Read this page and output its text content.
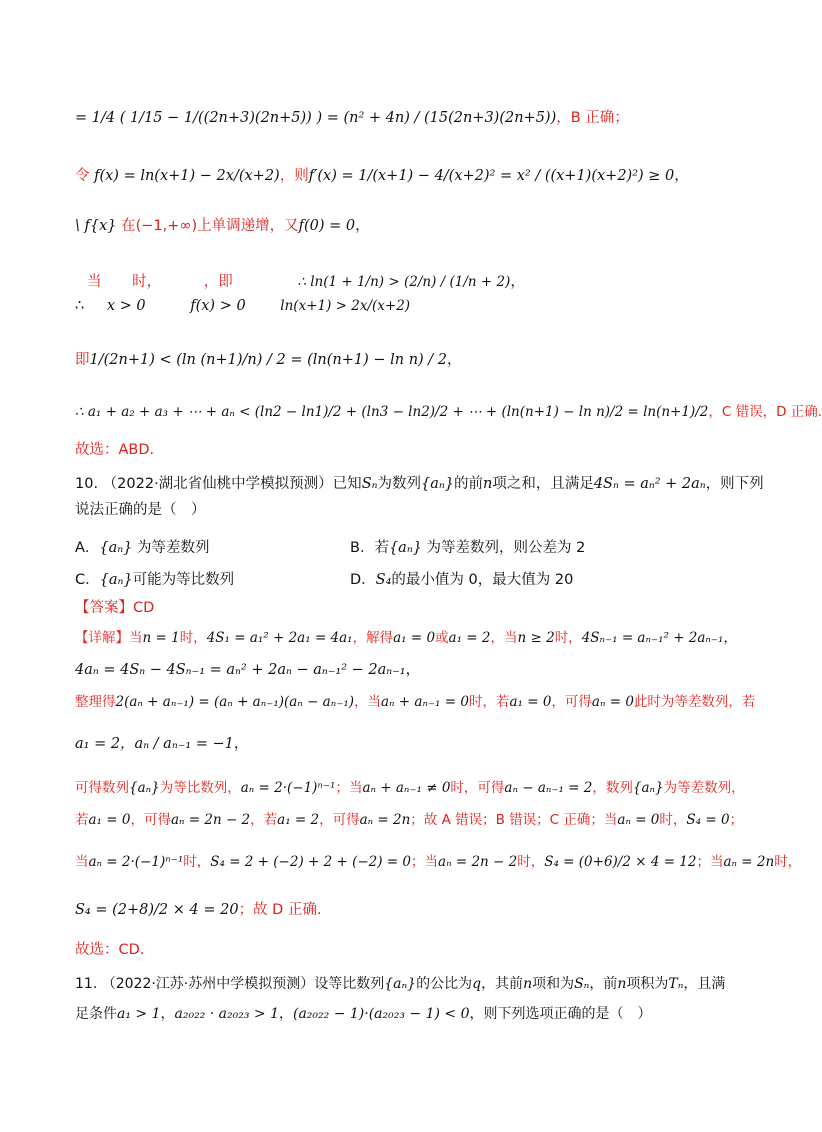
= 1/4 ( 1/15 − 1/((2n+3)(2n+5)) ) = (n² + 4n) / (15(2n+3)(2n+5))，B 正确；
令 f(x) = ln(x+1) − 2x/(x+2)，则f′(x) = 1/(x+1) − 4/(x+2)² = x² / ((x+1)(x+2)²) ≥ 0，
\ f{x} 在(−1,+∞)上单调递增，又f(0) = 0，
当 时，	，即	∴ ln(1 + 1/n) > (2/n) / (1/n + 2)，
∴ x > 0	f(x) > 0	ln(x+1) > 2x/(x+2)
即1/(2n+1) < (ln (n+1)/n) / 2 = (ln(n+1) − ln n) / 2，
∴ a₁ + a₂ + a₃ + ⋯ + aₙ < (ln2 − ln1)/2 + (ln3 − ln2)/2 + ⋯ + (ln(n+1) − ln n)/2 = ln(n+1)/2，C 错误，D 正确.
故选：ABD.
10. （2022·湖北省仙桃中学模拟预测）已知Sₙ为数列{aₙ}的前n项之和，且满足4Sₙ = aₙ² + 2aₙ，则下列
说法正确的是（　）
A．{aₙ} 为等差数列	B．若{aₙ} 为等差数列，则公差为 2
C．{aₙ}可能为等比数列	D．S₄的最小值为 0，最大值为 20
【答案】CD
【详解】当n = 1时，4S₁ = a₁² + 2a₁ = 4a₁，解得a₁ = 0或a₁ = 2，当n ≥ 2时，4Sₙ₋₁ = aₙ₋₁² + 2aₙ₋₁，
4aₙ = 4Sₙ − 4Sₙ₋₁ = aₙ² + 2aₙ − aₙ₋₁² − 2aₙ₋₁，
整理得2(aₙ + aₙ₋₁) = (aₙ + aₙ₋₁)(aₙ − aₙ₋₁)，当aₙ + aₙ₋₁ = 0时，若a₁ = 0，可得aₙ = 0此时为等差数列，若
a₁ = 2，aₙ / aₙ₋₁ = −1，
可得数列{aₙ}为等比数列，aₙ = 2·(−1)ⁿ⁻¹；当aₙ + aₙ₋₁ ≠ 0时，可得aₙ − aₙ₋₁ = 2，数列{aₙ}为等差数列，
若a₁ = 0，可得aₙ = 2n − 2，若a₁ = 2，可得aₙ = 2n；故 A 错误；B 错误；C 正确；当aₙ = 0时，S₄ = 0；
当aₙ = 2·(−1)ⁿ⁻¹时，S₄ = 2 + (−2) + 2 + (−2) = 0；当aₙ = 2n − 2时，S₄ = (0+6)/2 × 4 = 12；当aₙ = 2n时，
S₄ = (2+8)/2 × 4 = 20；故 D 正确.
故选：CD.
11. （2022·江苏·苏州中学模拟预测）设等比数列{aₙ}的公比为q，其前n项和为Sₙ，前n项积为Tₙ，且满
足条件a₁ > 1，a₂₀₂₂ · a₂₀₂₃ > 1，(a₂₀₂₂ − 1)·(a₂₀₂₃ − 1) < 0，则下列选项正确的是（　）
